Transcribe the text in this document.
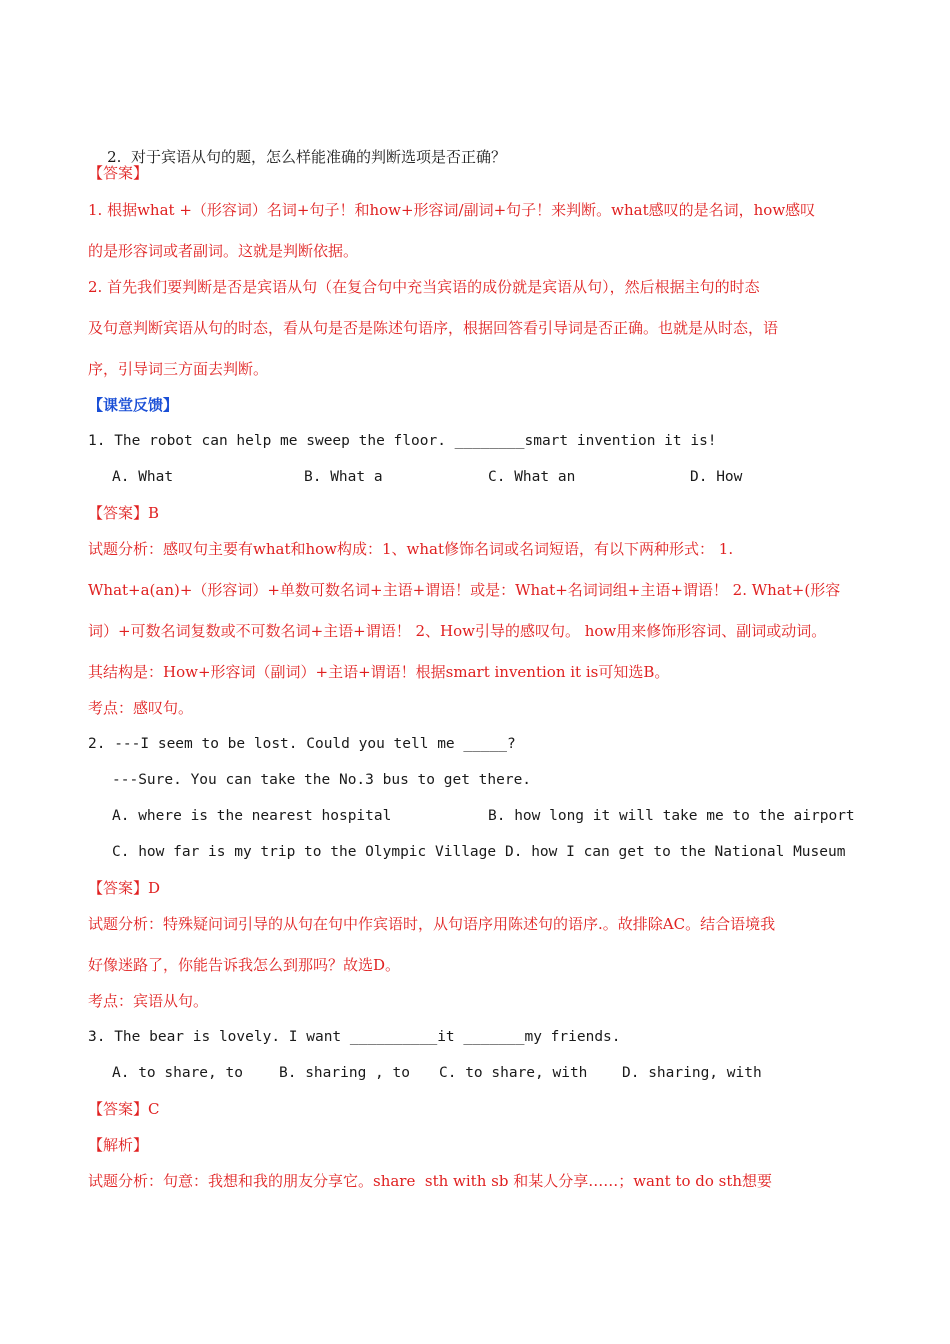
2. 对于宾语从句的题，怎么样能准确的判断选项是否正确？

【答案】
1. 根据what +（形容词）名词+句子！和how+形容词/副词+句子！来判断。what感叹的是名词，how感叹
的是形容词或者副词。这就是判断依据。
2. 首先我们要判断是否是宾语从句（在复合句中充当宾语的成份就是宾语从句），然后根据主句的时态
及句意判断宾语从句的时态，看从句是否是陈述句语序，根据回答看引导词是否正确。也就是从时态，语
序，引导词三方面去判断。
【课堂反馈】
1. The robot can help me sweep the floor. ________smart invention it is!
A. What	B. What a	C. What an	D. How
【答案】B
试题分析：感叹句主要有what和how构成：1、what修饰名词或名词短语，有以下两种形式： 1.
What+a(an)+（形容词）+单数可数名词+主语+谓语！或是：What+名词词组+主语+谓语！ 2. What+(形容
词）+可数名词复数或不可数名词+主语+谓语！ 2、How引导的感叹句。 how用来修饰形容词、副词或动词。
其结构是：How+形容词（副词）+主语+谓语！根据smart invention it is可知选B。
考点：感叹句。
2. ---I seem to be lost. Could you tell me _____?
---Sure. You can take the No.3 bus to get there.
A. where is the nearest hospital	B. how long it will take me to the airport
C. how far is my trip to the Olympic Village D. how I can get to the National Museum
【答案】D
试题分析：特殊疑问词引导的从句在句中作宾语时，从句语序用陈述句的语序.。故排除AC。结合语境我
好像迷路了，你能告诉我怎么到那吗？故选D。
考点：宾语从句。
3. The bear is lovely. I want __________it _______my friends.
A. to share, to B. sharing , to C. to share, with D. sharing, with
【答案】C
【解析】
试题分析：句意：我想和我的朋友分享它。share  sth with sb 和某人分享……；want to do sth想要
